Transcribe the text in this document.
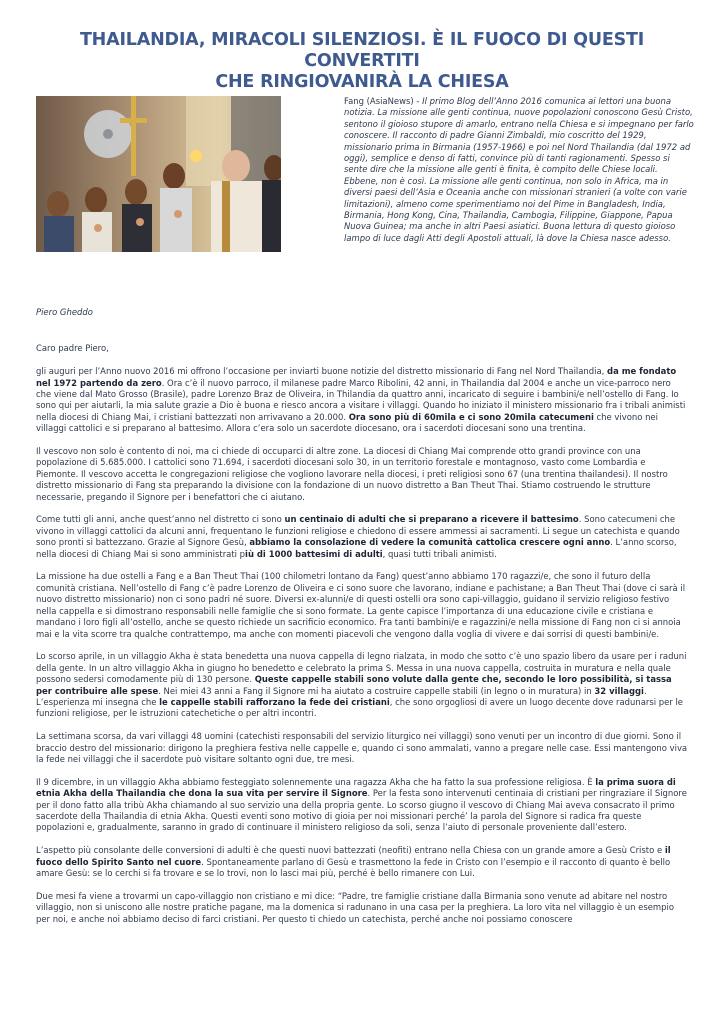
THAILANDIA, MIRACOLI SILENZIOSI. È IL FUOCO DI QUESTI CONVERTITI
CHE RINGIOVANIRÀ LA CHIESA

Fang (AsiaNews) - Il primo Blog dell’Anno 2016 comunica ai lettori una buona notizia. La missione alle genti continua, nuove popolazioni conoscono Gesù Cristo, sentono il gioioso stupore di amarlo, entrano nella Chiesa e si impegnano per farlo conoscere. Il racconto di padre Gianni Zimbaldi, mio coscritto del 1929, missionario prima in Birmania (1957-1966) e poi nel Nord Thailandia (dal 1972 ad oggi), semplice e denso di fatti, convince più di tanti ragionamenti. Spesso si sente dire che la missione alle genti è finita, è compito delle Chiese locali. Ebbene, non è così. La missione alle genti continua, non solo in Africa, ma in diversi paesi dell’Asia e Oceania anche con missionari stranieri (a volte con varie limitazioni), almeno come sperimentiamo noi del Pime in Bangladesh, India, Birmania, Hong Kong, Cina, Thailandia, Cambogia, Filippine, Giappone, Papua Nuova Guinea; ma anche in altri Paesi asiatici. Buona lettura di questo gioioso lampo di luce dagli Atti degli Apostoli attuali, là dove la Chiesa nasce adesso.

Piero Gheddo

Caro padre Piero,

gli auguri per l’Anno nuovo 2016 mi offrono l’occasione per inviarti buone notizie del distretto missionario di Fang nel Nord Thailandia, da me fondato nel 1972 partendo da zero. Ora c’è il nuovo parroco, il milanese padre Marco Ribolini, 42 anni, in Thailandia dal 2004 e anche un vice-parroco nero che viene dal Mato Grosso (Brasile), padre Lorenzo Braz de Oliveira, in Thilandia da quattro anni, incaricato di seguire i bambini/e nell’ostello di Fang. Io sono qui per aiutarli, la mia salute grazie a Dio è buona e riesco ancora a visitare i villaggi. Quando ho iniziato il ministero missionario fra i tribali animisti nella diocesi di Chiang Mai, i cristiani battezzati non arrivavano a 20.000. Ora sono più di 60mila e ci sono 20mila catecumeni che vivono nei villaggi cattolici e si preparano al battesimo. Allora c’era solo un sacerdote diocesano, ora i sacerdoti diocesani sono una trentina.

Il vescovo non solo è contento di noi, ma ci chiede di occuparci di altre zone. La diocesi di Chiang Mai comprende otto grandi province con una popolazione di 5.685.000. I cattolici sono 71.694, i sacerdoti diocesani solo 30, in un territorio forestale e montagnoso, vasto come Lombardia e Piemonte. Il vescovo accetta le congregazioni religiose che vogliono lavorare nella diocesi, i preti religiosi sono 67 (una trentina thailandesi). Il nostro distretto missionario di Fang sta preparando la divisione con la fondazione di un nuovo distretto a Ban Theut Thai. Stiamo costruendo le strutture necessarie, pregando il Signore per i benefattori che ci aiutano.

Come tutti gli anni, anche quest’anno nel distretto ci sono un centinaio di adulti che si preparano a ricevere il battesimo. Sono catecumeni che vivono in villaggi cattolici da alcuni anni, frequentano le funzioni religiose e chiedono di essere ammessi ai sacramenti. Li segue un catechista e quando sono pronti si battezzano. Grazie al Signore Gesù, abbiamo la consolazione di vedere la comunità cattolica crescere ogni anno. L’anno scorso, nella diocesi di Chiang Mai si sono amministrati più di 1000 battesimi di adulti, quasi tutti tribali animisti.

La missione ha due ostelli a Fang e a Ban Theut Thai (100 chilometri lontano da Fang) quest’anno abbiamo 170 ragazzi/e, che sono il futuro della comunità cristiana. Nell’ostello di Fang c’è padre Lorenzo de Oliveira e ci sono suore che lavorano, indiane e pachistane; a Ban Theut Thai (dove ci sarà il nuovo distretto missionario) non ci sono padri né suore. Diversi ex-alunni/e di questi ostelli ora sono capi-villaggio, guidano il servizio religioso festivo nella cappella e si dimostrano responsabili nelle famiglie che si sono formate. La gente capisce l’importanza di una educazione civile e cristiana e mandano i loro figli all’ostello, anche se questo richiede un sacrificio economico. Fra tanti bambini/e e ragazzini/e nella missione di Fang non ci si annoia mai e la vita scorre tra qualche contrattempo, ma anche con momenti piacevoli che vengono dalla voglia di vivere e dai sorrisi di questi bambini/e.

Lo scorso aprile, in un villaggio Akha è stata benedetta una nuova cappella di legno rialzata, in modo che sotto c’è uno spazio libero da usare per i raduni della gente. In un altro villaggio Akha in giugno ho benedetto e celebrato la prima S. Messa in una nuova cappella, costruita in muratura e nella quale possono sedersi comodamente più di 130 persone. Queste cappelle stabili sono volute dalla gente che, secondo le loro possibilità, si tassa per contribuire alle spese. Nei miei 43 anni a Fang il Signore mi ha aiutato a costruire cappelle stabili (in legno o in muratura) in 32 villaggi. L’esperienza mi insegna che le cappelle stabili rafforzano la fede dei cristiani, che sono orgogliosi di avere un luogo decente dove radunarsi per le funzioni religiose, per le istruzioni catechetiche o per altri incontri.

La settimana scorsa, da vari villaggi 48 uomini (catechisti responsabili del servizio liturgico nei villaggi) sono venuti per un incontro di due giorni. Sono il braccio destro del missionario: dirigono la preghiera festiva nelle cappelle e, quando ci sono ammalati, vanno a pregare nelle case. Essi mantengono viva la fede nei villaggi che il sacerdote può visitare soltanto ogni due, tre mesi.

Il 9 dicembre, in un villaggio Akha abbiamo festeggiato solennemente una ragazza Akha che ha fatto la sua professione religiosa. È la prima suora di etnia Akha della Thailandia che dona la sua vita per servire il Signore. Per la festa sono intervenuti centinaia di cristiani per ringraziare il Signore per il dono fatto alla tribù Akha chiamando al suo servizio una della propria gente. Lo scorso giugno il vescovo di Chiang Mai aveva consacrato il primo sacerdote della Thailandia di etnia Akha. Questi eventi sono motivo di gioia per noi missionari perché’ la parola del Signore si radica fra queste popolazioni e, gradualmente, saranno in grado di continuare il ministero religioso da soli, senza l’aiuto di personale proveniente dall’estero.

L’aspetto più consolante delle conversioni di adulti è che questi nuovi battezzati (neofiti) entrano nella Chiesa con un grande amore a Gesù Cristo e il fuoco dello Spirito Santo nel cuore. Spontaneamente parlano di Gesù e trasmettono la fede in Cristo con l’esempio e il racconto di quanto è bello amare Gesù: se lo cerchi si fa trovare e se lo trovi, non lo lasci mai più, perché è bello rimanere con Lui.

Due mesi fa viene a trovarmi un capo-villaggio non cristiano e mi dice: “Padre, tre famiglie cristiane dalla Birmania sono venute ad abitare nel nostro villaggio, non si uniscono alle nostre pratiche pagane, ma la domenica si radunano in una casa per la preghiera. La loro vita nel villaggio è un esempio per noi, e anche noi abbiamo deciso di farci cristiani. Per questo ti chiedo un catechista, perché anche noi possiamo conoscere
